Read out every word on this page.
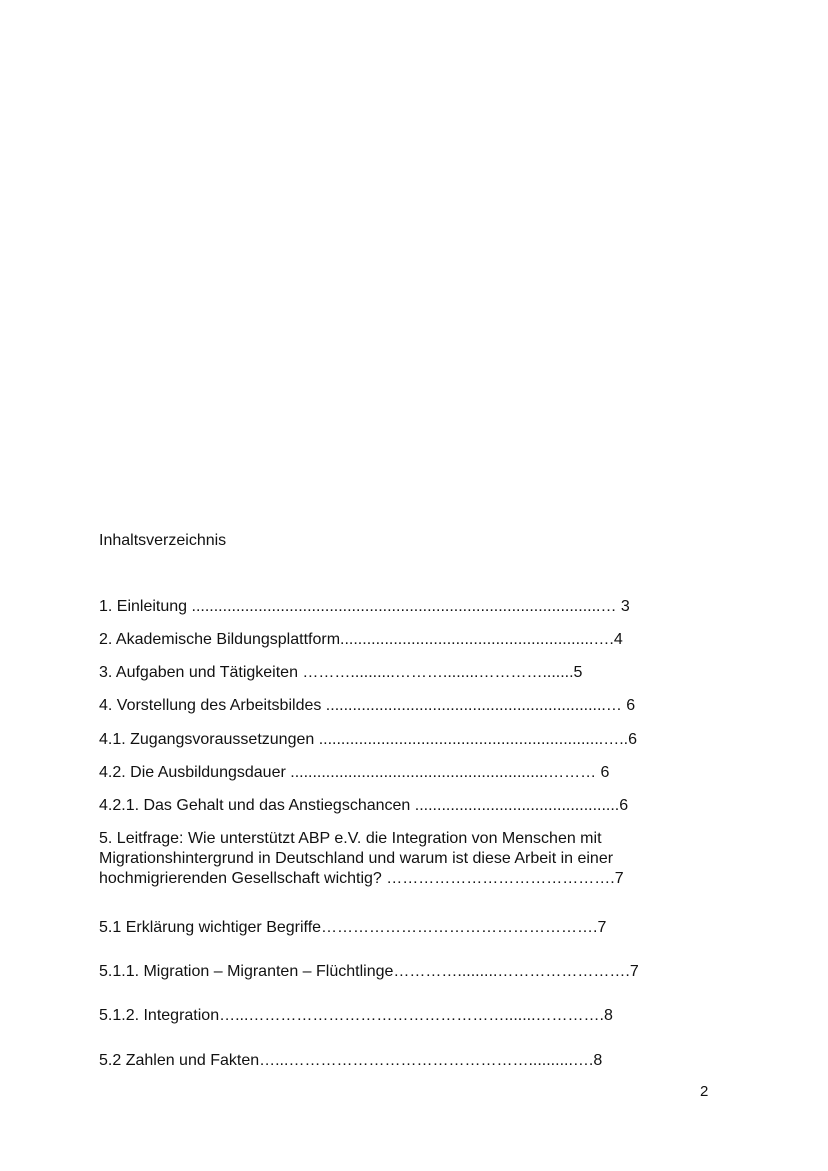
Inhaltsverzeichnis
1. Einleitung ............................................................................................… 3
2. Akademische Bildungsplattform.........................................................….4
3. Aufgaben und Tätigkeiten ………..........………........………….......5
4. Vorstellung des Arbeitsbildes ...............................................................… 6
4.1. Zugangsvoraussetzungen ................................................................…..6
4.2. Die Ausbildungsdauer ..........................................................……… 6
4.2.1. Das Gehalt und das Anstiegschancen ..............................................6
5. Leitfrage: Wie unterstützt ABP e.V. die Integration von Menschen mit
Migrationshintergrund in Deutschland und warum ist diese Arbeit in einer
hochmigrierenden Gesellschaft wichtig? …………………………………….7
5.1 Erklärung wichtiger Begriffe…………………………………………….7
5.1.1. Migration – Migranten – Flüchtlinge………….........…………………….7
5.1.2. Integration…...………………………………………….......………….8
5.2 Zahlen und Fakten…...………………………………………..........….8
2
